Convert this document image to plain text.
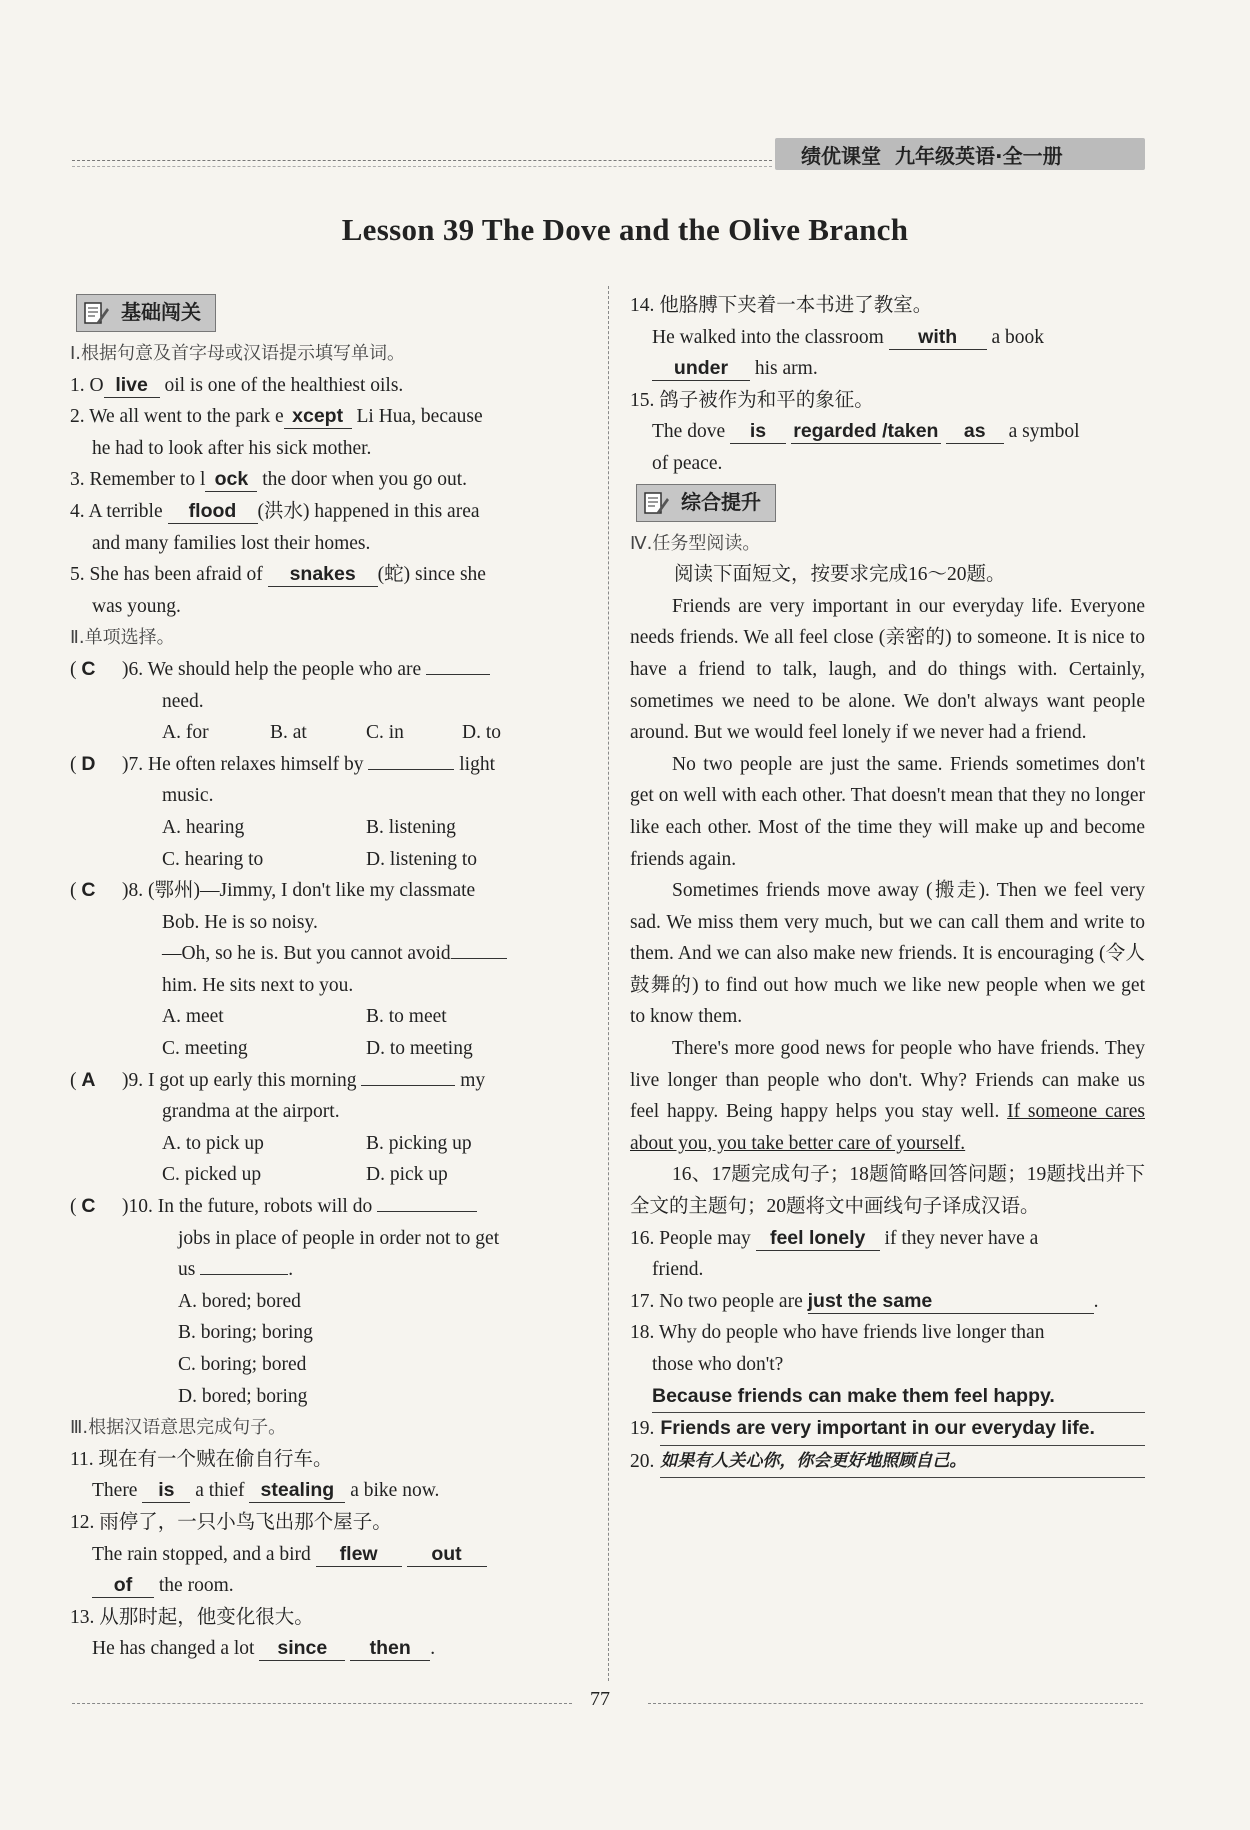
绩优课堂 九年级英语·全一册
Lesson 39 The Dove and the Olive Branch
基础闯关
Ⅰ.根据句意及首字母或汉语提示填写单词。
1. O live oil is one of the healthiest oils.
2. We all went to the park e xcept Li Hua, because
he had to look after his sick mother.
3. Remember to l ock the door when you go out.
4. A terrible flood (洪水) happened in this area
and many families lost their homes.
5. She has been afraid of snakes (蛇) since she
was young.
Ⅱ.单项选择。
( C )6. We should help the people who are
need.
A. for	B. at	C. in	D. to
( D )7. He often relaxes himself by	light
music.
A. hearing	B. listening
C. hearing to	D. listening to
( C )8. (鄂州)—Jimmy, I don't like my classmate
Bob. He is so noisy.
—Oh, so he is. But you cannot avoid
him. He sits next to you.
A. meet	B. to meet
C. meeting	D. to meeting
( A )9. I got up early this morning	my
grandma at the airport.
A. to pick up	B. picking up
C. picked up	D. pick up
( C )10. In the future, robots will do
jobs in place of people in order not to get
us	.
A. bored; bored
B. boring; boring
C. boring; bored
D. bored; boring
Ⅲ.根据汉语意思完成句子。
11. 现在有一个贼在偷自行车。
There is a thief stealing a bike now.
12. 雨停了，一只小鸟飞出那个屋子。
The rain stopped, and a bird flew	out
of the room.
13. 从那时起，他变化很大。
He has changed a lot since then .
14. 他胳膊下夹着一本书进了教室。
He walked into the classroom with a book
under his arm.
15. 鸽子被作为和平的象征。
The dove is regarded /taken as a symbol
of peace.
综合提升
Ⅳ.任务型阅读。
阅读下面短文，按要求完成16～20题。
Friends are very important in our everyday life. Everyone needs friends. We all feel close (亲密的) to someone. It is nice to have a friend to talk, laugh, and do things with. Certainly, sometimes we need to be alone. We don't always want people around. But we would feel lonely if we never had a friend.
No two people are just the same. Friends sometimes don't get on well with each other. That doesn't mean that they no longer like each other. Most of the time they will make up and become friends again.
Sometimes friends move away (搬走). Then we feel very sad. We miss them very much, but we can call them and write to them. And we can also make new friends. It is encouraging (令人鼓舞的) to find out how much we like new people when we get to know them.
There's more good news for people who have friends. They live longer than people who don't. Why? Friends can make us feel happy. Being happy helps you stay well. If someone cares about you, you take better care of yourself.
16、17题完成句子；18题简略回答问题；19题找出并下全文的主题句；20题将文中画线句子译成汉语。
16. People may feel lonely if they never have a
friend.
17. No two people are just the same	.
18. Why do people who have friends live longer than
those who don't?
Because friends can make them feel happy.
19. Friends are very important in our everyday life.
20. 如果有人关心你，你会更好地照顾自己。
77
